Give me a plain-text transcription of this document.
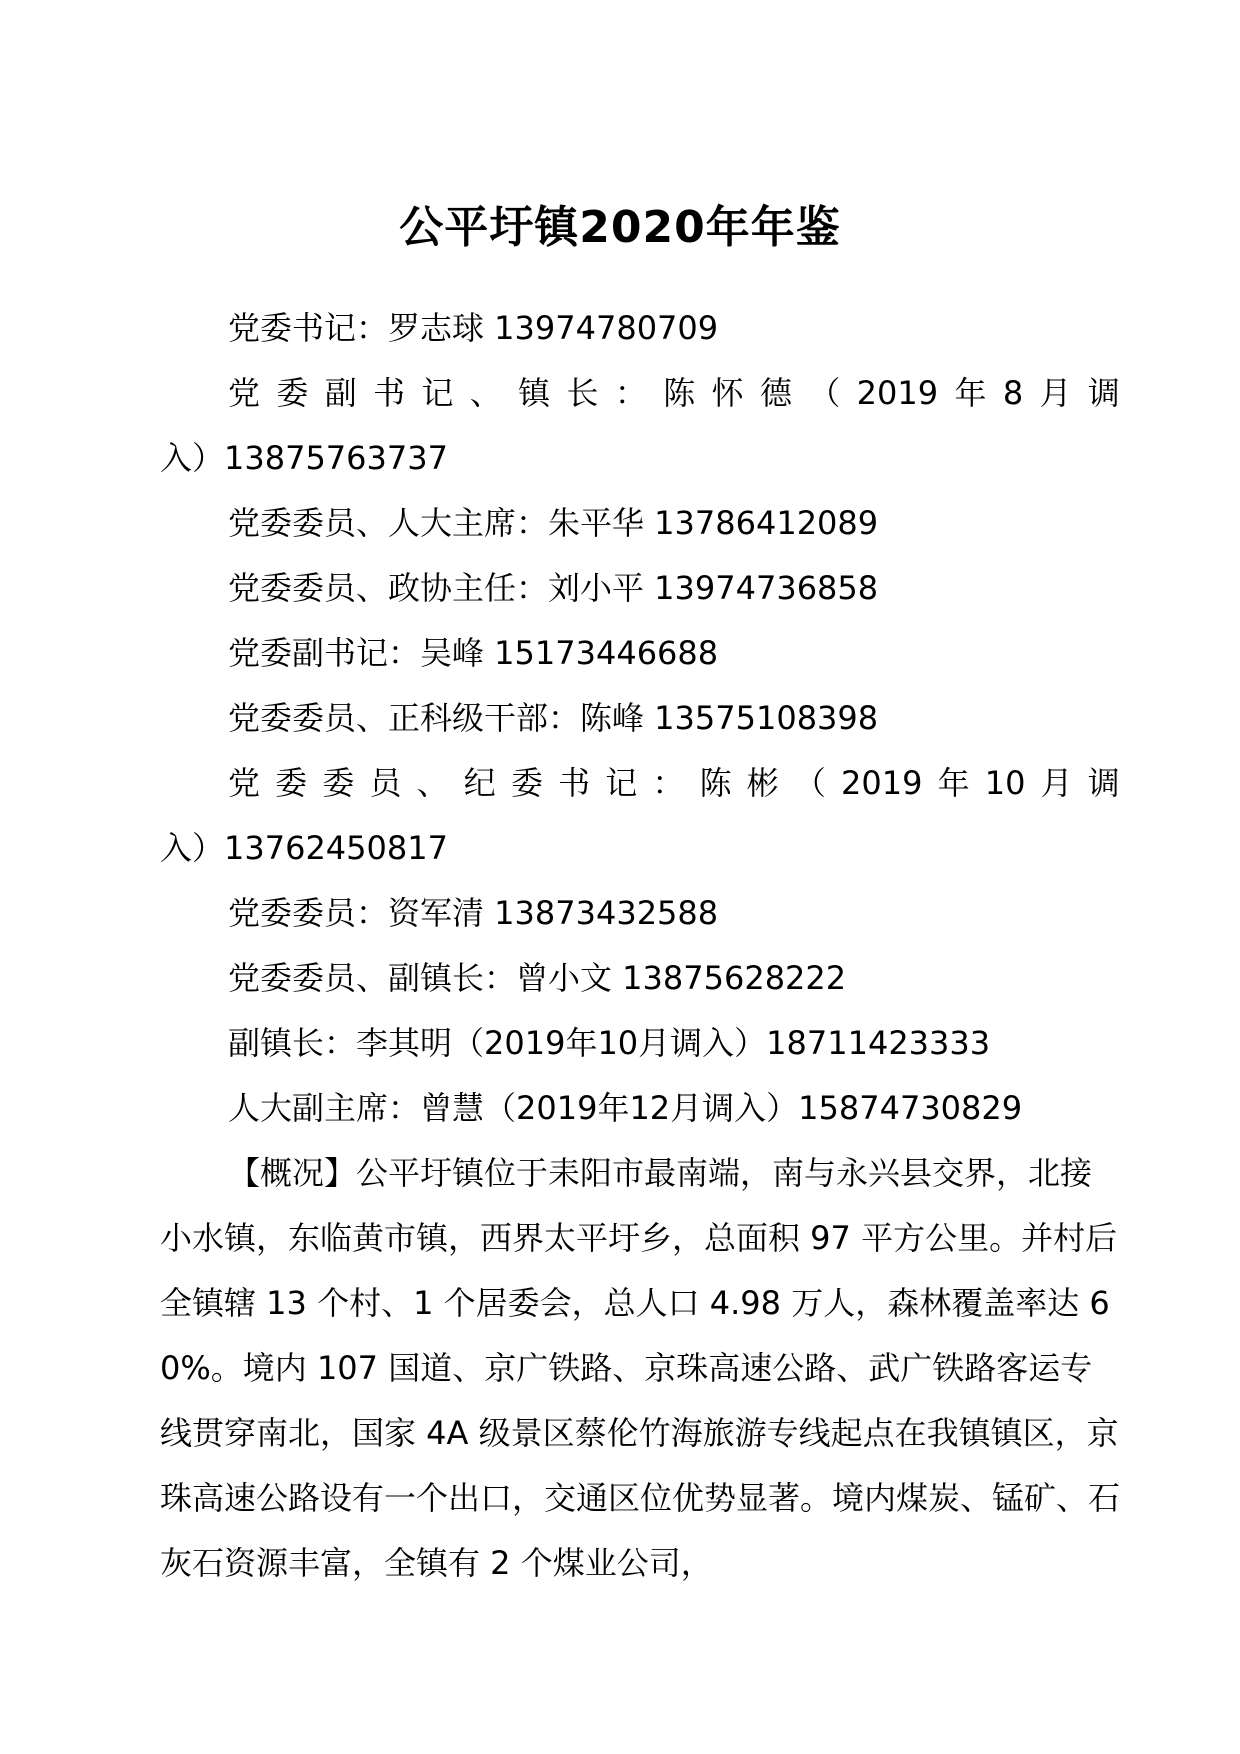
公平圩镇2020年年鉴
党委书记：罗志球 13974780709
党 委 副 书 记 、 镇 长 ： 陈 怀 德 （ 2019 年 8 月 调
入）13875763737
党委委员、人大主席：朱平华 13786412089
党委委员、政协主任：刘小平 13974736858
党委副书记：吴峰 15173446688
党委委员、正科级干部：陈峰 13575108398
党 委 委 员 、 纪 委 书 记 ： 陈 彬 （ 2019 年 10 月 调
入）13762450817
党委委员：资军清 13873432588
党委委员、副镇长：曾小文 13875628222
副镇长：李其明（2019年10月调入）18711423333
人大副主席：曾慧（2019年12月调入）15874730829

【概况】公平圩镇位于耒阳市最南端，南与永兴县交界，北接小水镇，东临黄市镇，西界太平圩乡，总面积 97 平方公里。并村后全镇辖 13 个村、1 个居委会，总人口 4.98 万人，森林覆盖率达 60%。境内 107 国道、京广铁路、京珠高速公路、武广铁路客运专线贯穿南北，国家 4A 级景区蔡伦竹海旅游专线起点在我镇镇区，京珠高速公路设有一个出口，交通区位优势显著。境内煤炭、锰矿、石灰石资源丰富，全镇有 2 个煤业公司，
